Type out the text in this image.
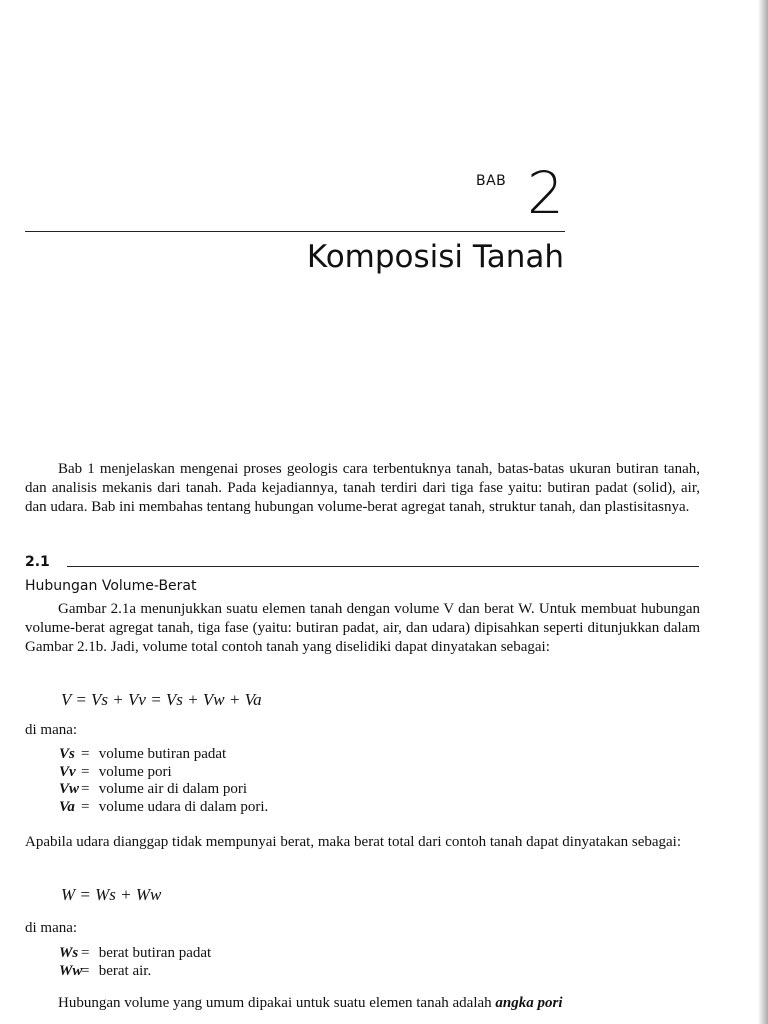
BAB 2
Komposisi Tanah
Bab 1 menjelaskan mengenai proses geologis cara terbentuknya tanah, batas-batas ukuran butiran tanah, dan analisis mekanis dari tanah. Pada kejadiannya, tanah terdiri dari tiga fase yaitu: butiran padat (solid), air, dan udara. Bab ini membahas tentang hubungan volume-berat agregat tanah, struktur tanah, dan plastisitasnya.
2.1
Hubungan Volume-Berat
Gambar 2.1a menunjukkan suatu elemen tanah dengan volume V dan berat W. Untuk membuat hubungan volume-berat agregat tanah, tiga fase (yaitu: butiran padat, air, dan udara) dipisahkan seperti ditunjukkan dalam Gambar 2.1b. Jadi, volume total contoh tanah yang diselidiki dapat dinyatakan sebagai:
V = Vs + Vv = Vs + Vw + Va
di mana:
Vs = volume butiran padat
Vv = volume pori
Vw = volume air di dalam pori
Va = volume udara di dalam pori.
Apabila udara dianggap tidak mempunyai berat, maka berat total dari contoh tanah dapat dinyatakan sebagai:
W = Ws + Ww
di mana:
Ws = berat butiran padat
Ww= berat air.
Hubungan volume yang umum dipakai untuk suatu elemen tanah adalah angka pori
